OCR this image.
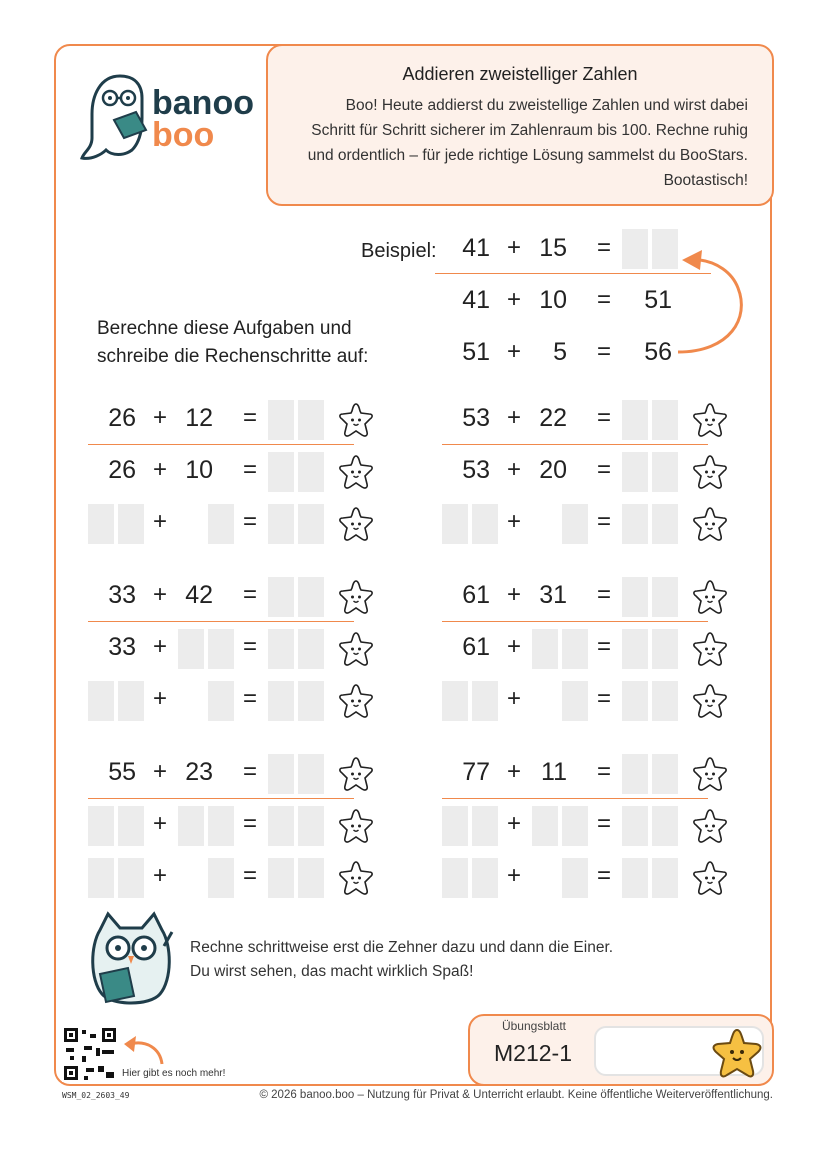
banoo
boo
Addieren zweistelliger Zahlen
Boo! Heute addierst du zweistellige Zahlen und wirst dabei Schritt für Schritt sicherer im Zahlenraum bis 100. Rechne ruhig und ordentlich – für jede richtige Lösung sammelst du BooStars. Bootastisch!
Beispiel:	41 + 15 =
41 + 10 =	51
51 +	5 =	56
Berechne diese Aufgaben und
schreibe die Rechenschritte auf:
26 + 12 =
26 + 10 =
+	=
53 + 22 =
53 + 20 =
+	=
33 + 42 =
33 +	=
+	=
61 + 31 =
61 +	=
+	=
55 + 23 =
+	=
+	=
77 + 11 =
+	=
+	=
Rechne schrittweise erst die Zehner dazu und dann die Einer.
Du wirst sehen, das macht wirklich Spaß!
Hier gibt es noch mehr!
Übungsblatt
M212-1
WSM_02_2603_49	© 2026 banoo.boo – Nutzung für Privat & Unterricht erlaubt. Keine öffentliche Weiterveröffentlichung.
